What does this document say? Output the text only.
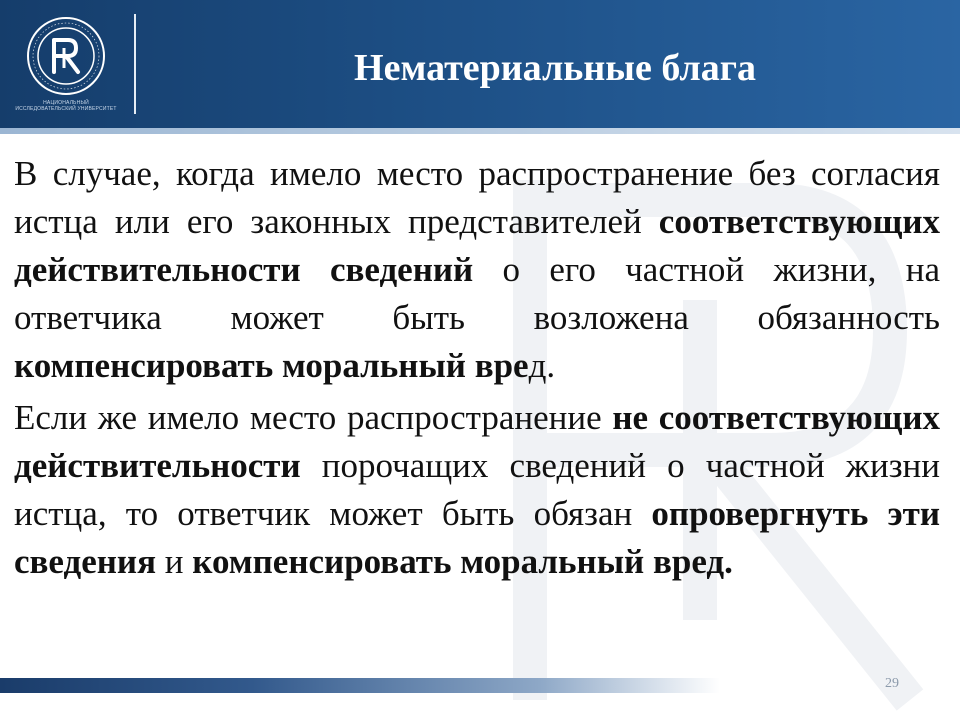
НАЦИОНАЛЬНЫЙ ИССЛЕДОВАТЕЛЬСКИЙ УНИВЕРСИТЕТ
Нематериальные блага

В случае, когда имело место распространение без согласия истца или его законных представителей соответствующих действительности сведений о его частной жизни, на ответчика может быть возложена обязанность компенсировать моральный вред.

Если же имело место распространение не соответствующих действительности порочащих сведений о частной жизни истца, то ответчик может быть обязан опровергнуть эти сведения и компенсировать моральный вред.

29
